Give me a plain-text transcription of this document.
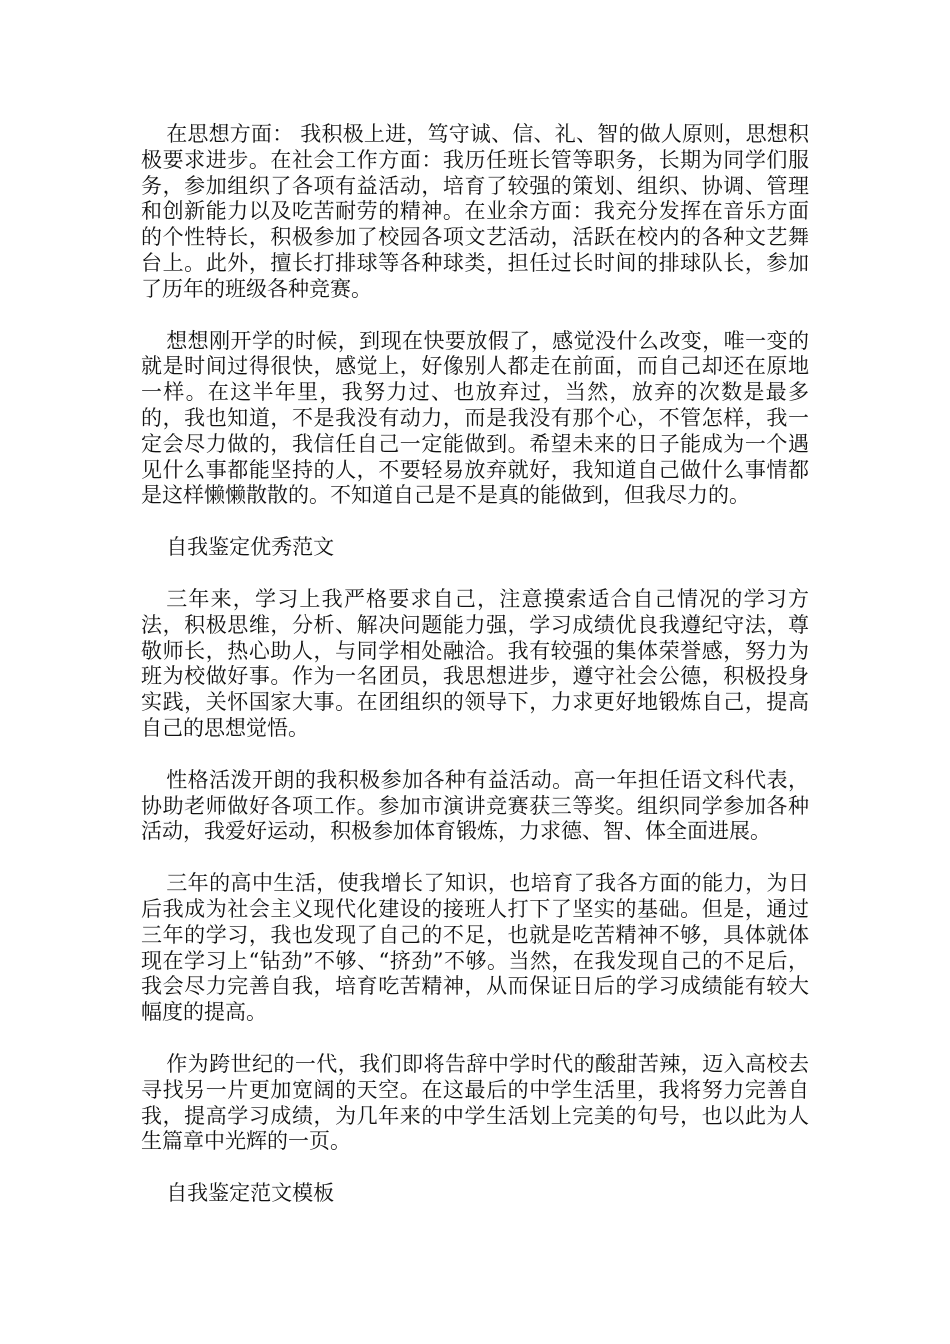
在思想方面： 我积极上进，笃守诚、信、礼、智的做人原则，思想积极要求进步。在社会工作方面：我历任班长管等职务，长期为同学们服务，参加组织了各项有益活动，培育了较强的策划、组织、协调、管理和创新能力以及吃苦耐劳的精神。在业余方面：我充分发挥在音乐方面的个性特长，积极参加了校园各项文艺活动，活跃在校内的各种文艺舞台上。此外，擅长打排球等各种球类，担任过长时间的排球队长，参加了历年的班级各种竞赛。

想想刚开学的时候，到现在快要放假了，感觉没什么改变，唯一变的 就是时间过得很快，感觉上，好像别人都走在前面，而自己却还在原地一样。在这半年里，我努力过、也放弃过，当然，放弃的次数是最多的，我也知道，不是我没有动力，而是我没有那个心，不管怎样，我一定会尽力做的，我信任自己一定能做到。希望未来的日子能成为一个遇见什么事都能坚持的人，不要轻易放弃就好，我知道自己做什么事情都是这样懒懒散散的。不知道自己是不是真的能做到，但我尽力的。

自我鉴定优秀范文

三年来，学习上我严格要求自己，注意摸索适合自己情况的学习方法，积极思维，分析、解决问题能力强，学习成绩优良我遵纪守法，尊敬师长，热心助人，与同学相处融洽。我有较强的集体荣誉感，努力为班为校做好事。作为一名团员，我思想进步，遵守社会公德，积极投身实践，关怀国家大事。在团组织的领导下，力求更好地锻炼自己，提高自己的思想觉悟。

性格活泼开朗的我积极参加各种有益活动。高一年担任语文科代表，协助老师做好各项工作。参加市演讲竞赛获三等奖。组织同学参加各种活动，我爱好运动，积极参加体育锻炼，力求德、智、体全面进展。

三年的高中生活，使我增长了知识，也培育了我各方面的能力，为日后我成为社会主义现代化建设的接班人打下了坚实的基础。但是，通过三年的学习，我也发现了自己的不足，也就是吃苦精神不够，具体就体现在学习上“钻劲”不够、“挤劲”不够。当然，在我发现自己的不足后，我会尽力完善自我，培育吃苦精神，从而保证日后的学习成绩能有较大幅度的提高。

作为跨世纪的一代，我们即将告辞中学时代的酸甜苦辣，迈入高校去寻找另一片更加宽阔的天空。在这最后的中学生活里，我将努力完善自我，提高学习成绩，为几年来的中学生活划上完美的句号，也以此为人生篇章中光辉的一页。

自我鉴定范文模板
